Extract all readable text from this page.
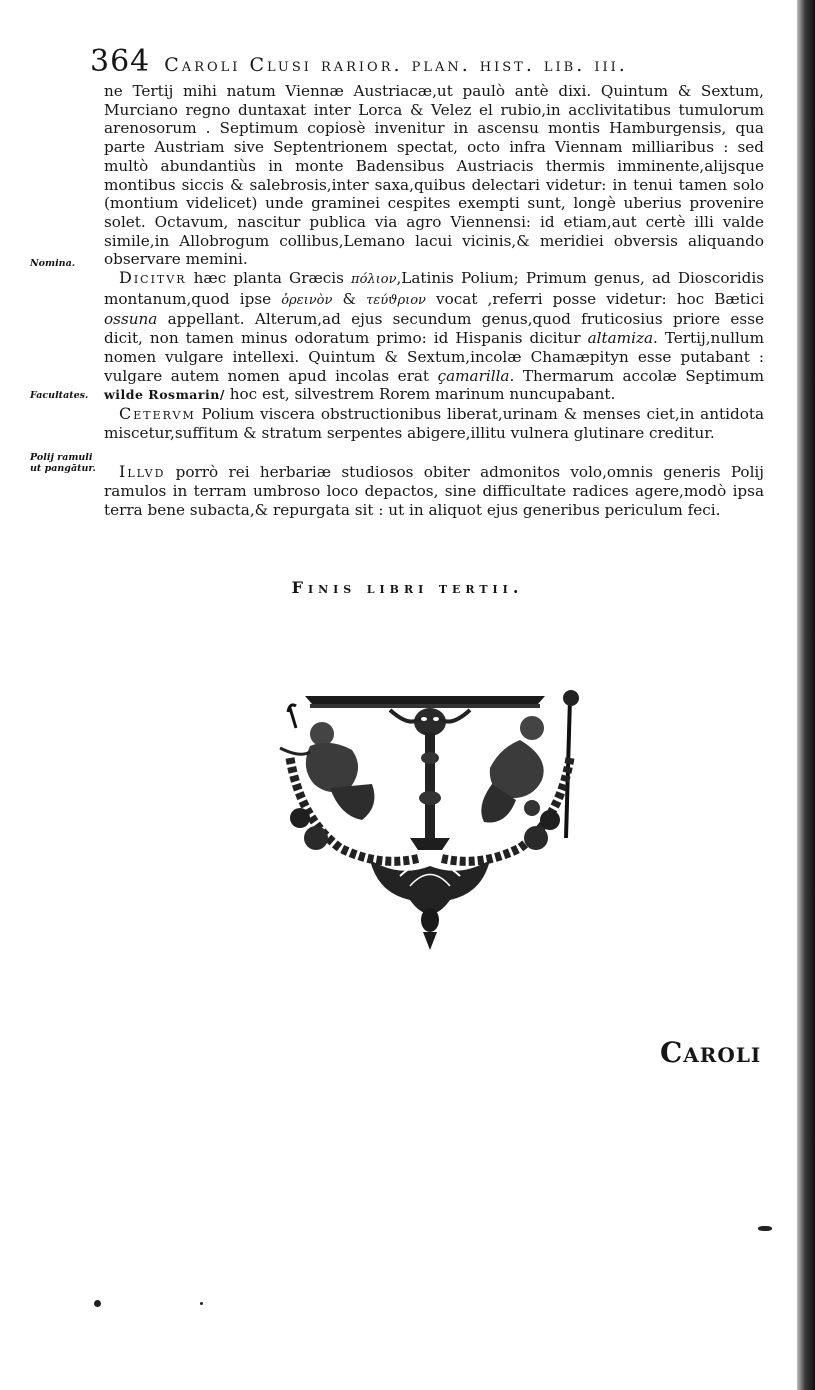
364 Caroli Clusi rarior. plan. hist. lib. iii.
Nomina.
Facultates.
Polij ramuli
ut pangātur.

ne Tertij mihi natum Viennæ Austriacæ,ut paulò antè dixi. Quintum & Sextum, Murciano regno duntaxat inter Lorca & Velez el rubio,in acclivitatibus tumulorum arenosorum . Septimum copiosè invenitur in ascensu montis Hamburgensis, qua parte Austriam sive Septentrionem spectat, octo infra Viennam milliaribus : sed multò abundantiùs in monte Badensibus Austriacis thermis imminente,alijsque montibus siccis & salebrosis,inter saxa,quibus delectari videtur: in tenui tamen solo (montium videlicet) unde graminei cespites exempti sunt, longè uberius provenire solet. Octavum, nascitur publica via agro Viennensi: id etiam,aut certè illi valde simile,in Allobrogum collibus,Lemano lacui vicinis,& meridiei obversis aliquando observare memini.

Dicitvr hæc planta Græcis πόλιον,Latinis Polium; Primum genus, ad Dioscoridis montanum,quod ipse ὀρεινὸν & τεύϑριον vocat ,referri posse videtur: hoc Bætici ossuna appellant. Alterum,ad ejus secundum genus,quod fruticosius priore esse dicit, non tamen minus odoratum primo: id Hispanis dicitur altamiza. Tertij,nullum nomen vulgare intellexi. Quintum & Sextum,incolæ Chamæpityn esse putabant : vulgare autem nomen apud incolas erat çamarilla. Thermarum accolæ Septimum wilde Rosmarin/ hoc est, silvestrem Rorem marinum nuncupabant.

Cetervm Polium viscera obstructionibus liberat,urinam & menses ciet,in antidota miscetur,suffitum & stratum serpentes abigere,illitu vulnera glutinare creditur.

Illvd porrò rei herbariæ studiosos obiter admonitos volo,omnis generis Polij ramulos in terram umbroso loco depactos, sine difficultate radices agere,modò ipsa terra bene subacta,& repurgata sit : ut in aliquot ejus generibus periculum feci.

Finis libri tertii.
Caroli
